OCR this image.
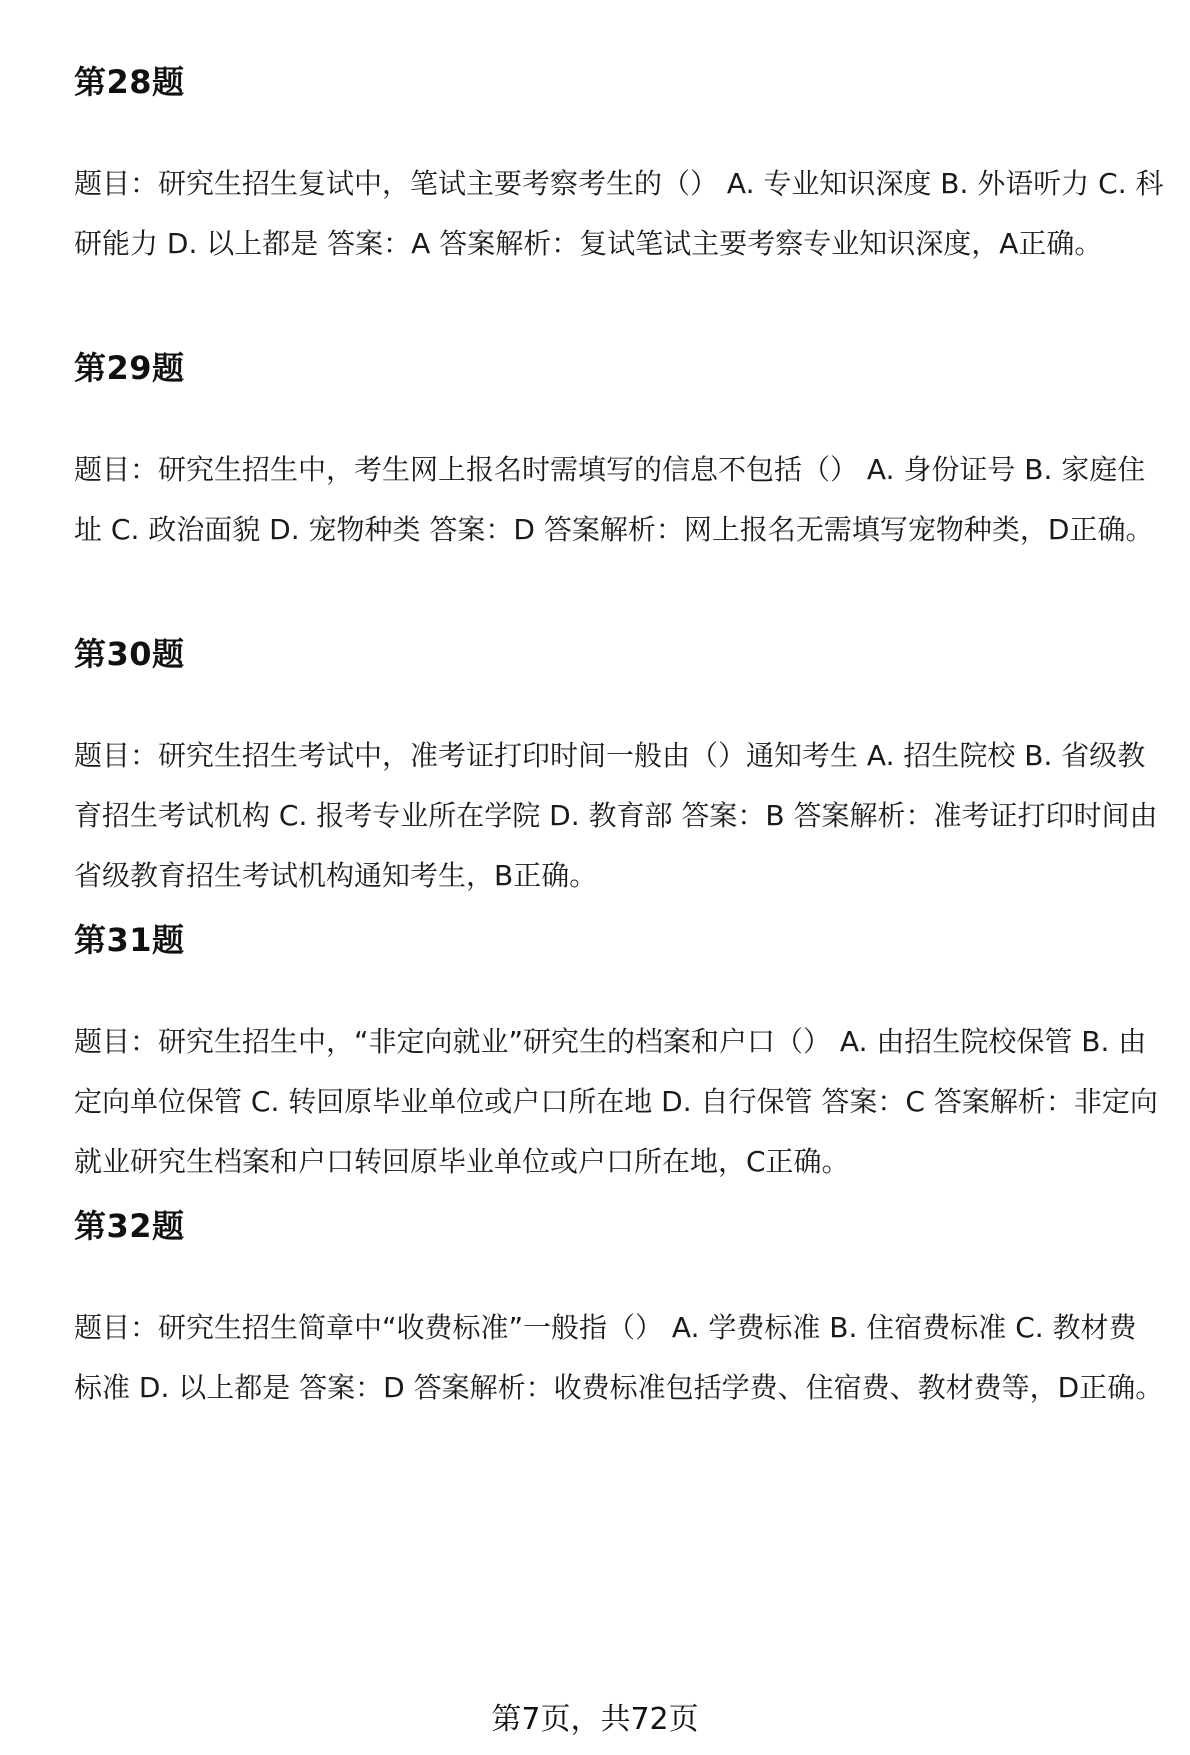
第28题

题目：研究生招生复试中，笔试主要考察考生的（） A. 专业知识深度 B. 外语听力 C. 科研能力 D. 以上都是 答案：A 答案解析：复试笔试主要考察专业知识深度，A正确。

第29题

题目：研究生招生中，考生网上报名时需填写的信息不包括（） A. 身份证号 B. 家庭住址 C. 政治面貌 D. 宠物种类 答案：D 答案解析：网上报名无需填写宠物种类，D正确。

第30题

题目：研究生招生考试中，准考证打印时间一般由（）通知考生 A. 招生院校 B. 省级教育招生考试机构 C. 报考专业所在学院 D. 教育部 答案：B 答案解析：准考证打印时间由省级教育招生考试机构通知考生，B正确。

第31题

题目：研究生招生中，“非定向就业”研究生的档案和户口（） A. 由招生院校保管 B. 由定向单位保管 C. 转回原毕业单位或户口所在地 D. 自行保管 答案：C 答案解析：非定向就业研究生档案和户口转回原毕业单位或户口所在地，C正确。

第32题

题目：研究生招生简章中“收费标准”一般指（） A. 学费标准 B. 住宿费标准 C. 教材费标准 D. 以上都是 答案：D 答案解析：收费标准包括学费、住宿费、教材费等，D正确。

第7页，共72页
